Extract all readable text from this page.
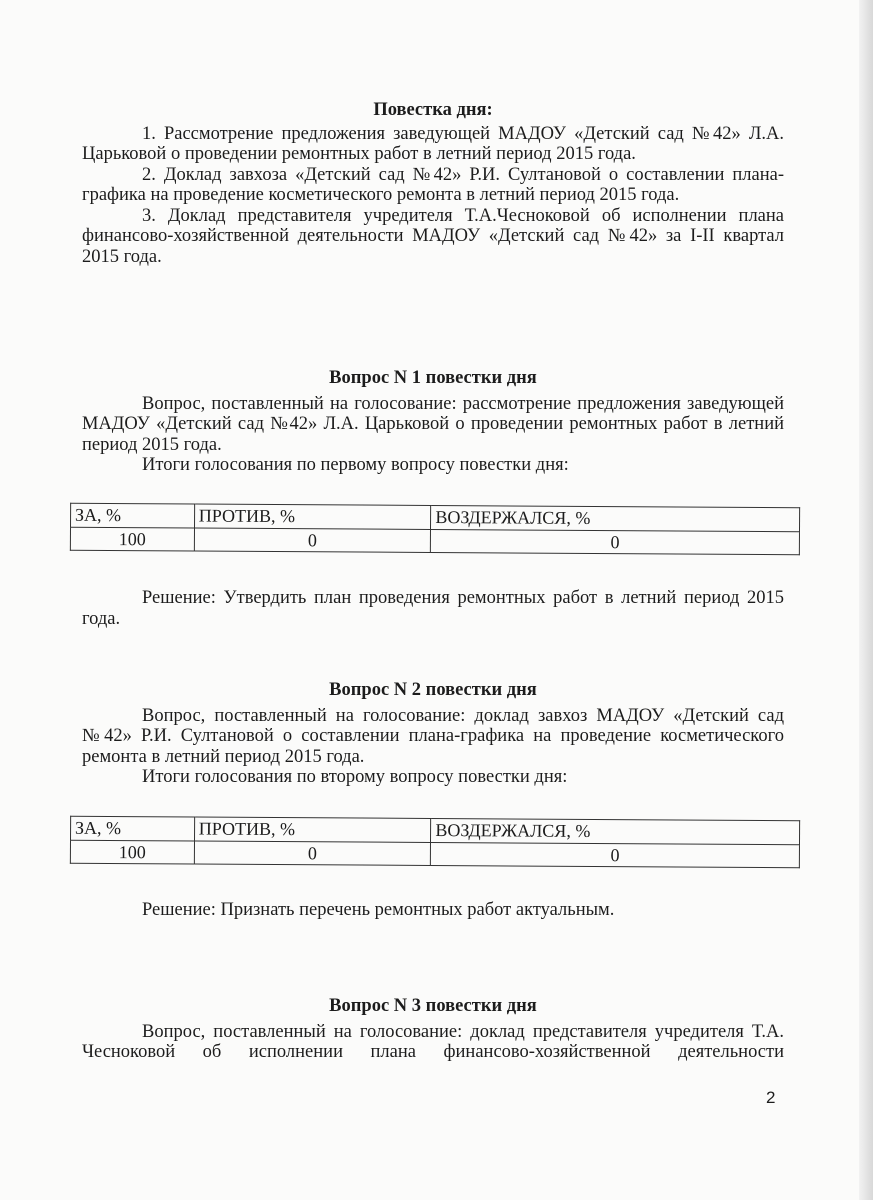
Повестка дня:

1. Рассмотрение предложения заведующей МАДОУ «Детский сад №42» Л.А. Царьковой о проведении ремонтных работ в летний период 2015 года.

2. Доклад завхоза «Детский сад №42» Р.И. Султановой о составлении плана-графика на проведение косметического ремонта в летний период 2015 года.

3. Доклад представителя учредителя Т.А.Чесноковой об исполнении плана финансово-хозяйственной деятельности МАДОУ «Детский сад №42» за I-II квартал 2015 года.

Вопрос N 1 повестки дня

Вопрос, поставленный на голосование: рассмотрение предложения заведующей МАДОУ «Детский сад №42» Л.А. Царьковой о проведении ремонтных работ в летний период 2015 года.

Итоги голосования по первому вопросу повестки дня:

ЗА, %	ПРОТИВ, %	ВОЗДЕРЖАЛСЯ, %
100	0	0

Решение: Утвердить план проведения ремонтных работ в летний период 2015 года.

Вопрос N 2 повестки дня

Вопрос, поставленный на голосование: доклад завхоз МАДОУ «Детский сад №42» Р.И. Султановой о составлении плана-графика на проведение косметического ремонта в летний период 2015 года.

Итоги голосования по второму вопросу повестки дня:

ЗА, %	ПРОТИВ, %	ВОЗДЕРЖАЛСЯ, %
100	0	0

Решение: Признать перечень ремонтных работ актуальным.

Вопрос N 3 повестки дня

Вопрос, поставленный на голосование: доклад представителя учредителя Т.А. Чесноковой об исполнении плана финансово-хозяйственной деятельности

2
